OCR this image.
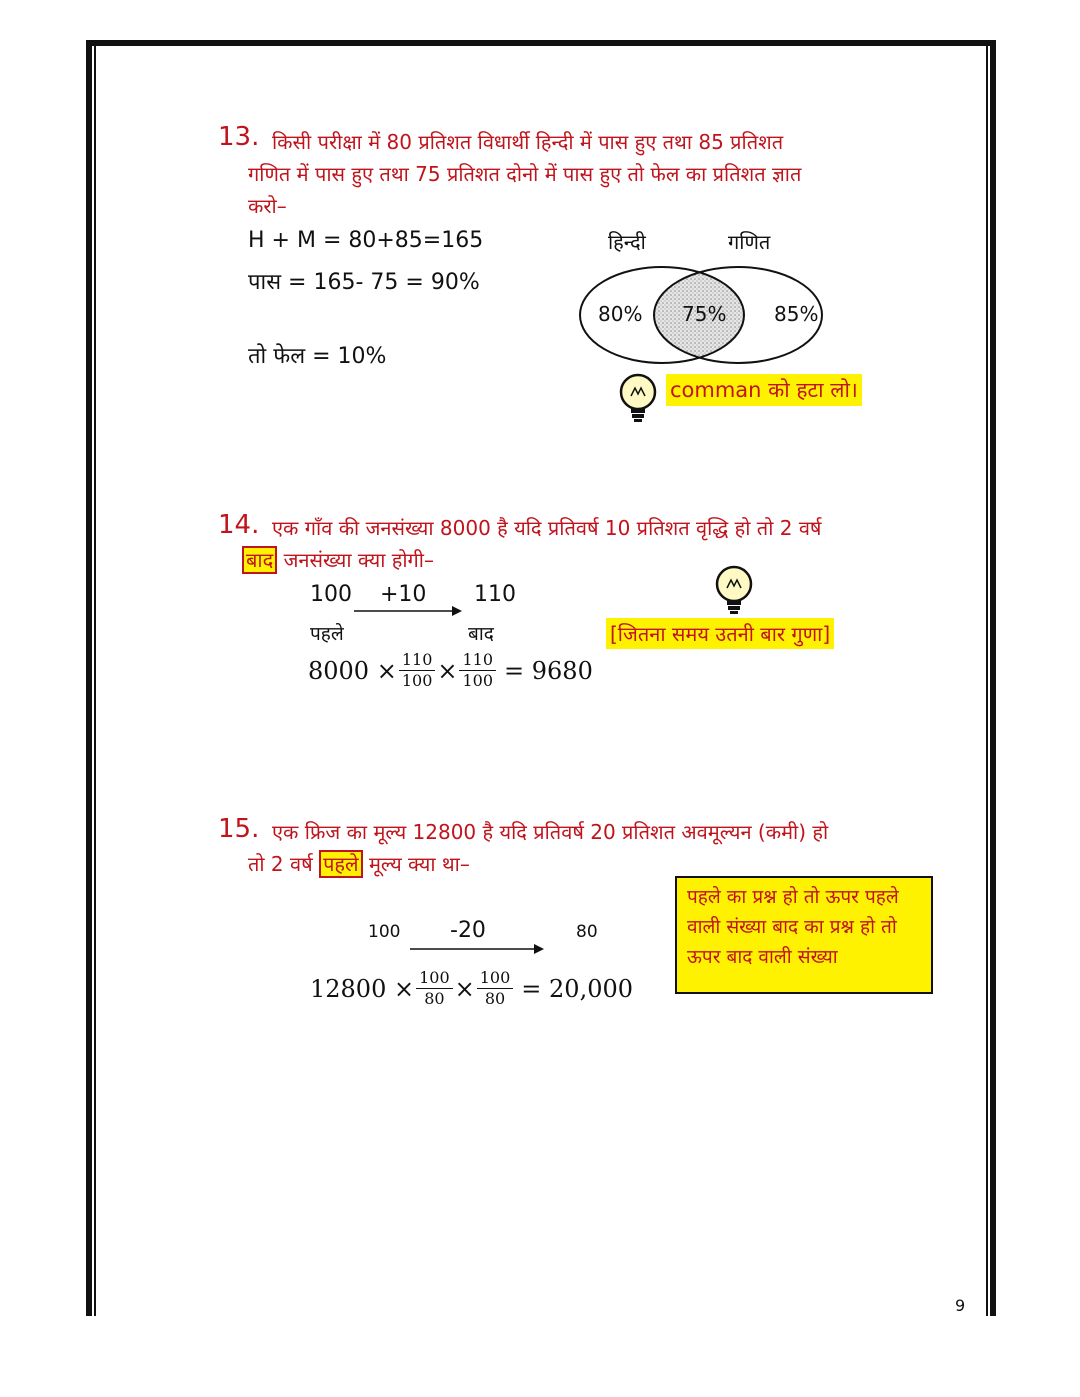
13. किसी परीक्षा में 80 प्रतिशत विधार्थी हिन्दी में पास हुए तथा 85 प्रतिशत
गणित में पास हुए तथा 75 प्रतिशत दोनो में पास हुए तो फेल का प्रतिशत ज्ञात
करो–
H + M = 80+85=165
पास = 165- 75 = 90%
तो फेल = 10%
हिन्दी	गणित
80% 75% 85%
comman को हटा लो।
14. एक गाँव की जनसंख्या 8000 है यदि प्रतिवर्ष 10 प्रतिशत वृद्धि हो तो 2 वर्ष
बाद जनसंख्या क्या होगी–
100 +10 110
पहले	बाद	[जितना समय उतनी बार गुणा]
$8000 \times \frac{110}{100} \times \frac{110}{100} = 9680$
15. एक फ्रिज का मूल्य 12800 है यदि प्रतिवर्ष 20 प्रतिशत अवमूल्यन (कमी) हो
तो 2 वर्ष पहले मूल्य क्या था–
पहले का प्रश्न हो तो ऊपर पहले वाली संख्या बाद का प्रश्न हो तो ऊपर बाद वाली संख्या
100 -20	80
$12800 \times \frac{100}{80} \times \frac{100}{80} = 20,000$
9
